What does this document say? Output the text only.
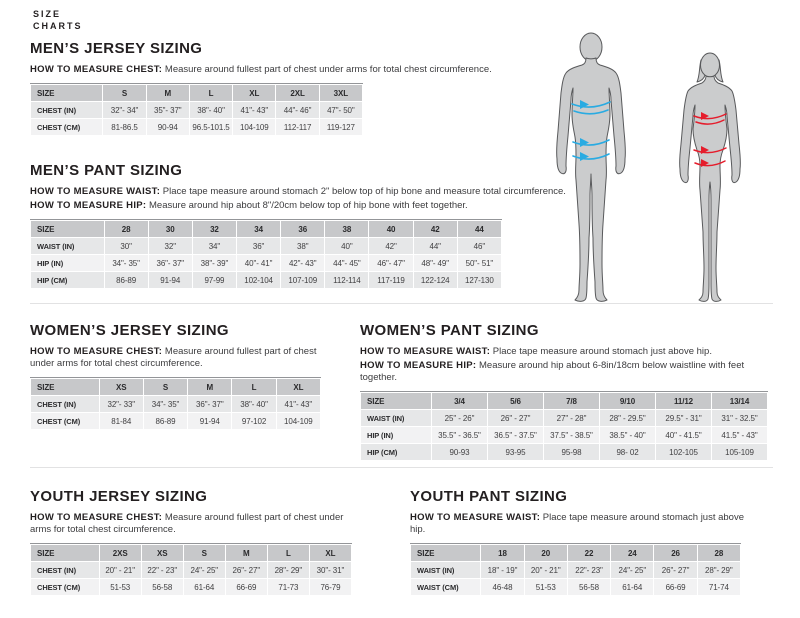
SIZE
CHARTS
MEN’S JERSEY SIZING

HOW TO MEASURE CHEST: Measure around fullest part of chest under arms for total chest circumference.

SIZE	S	M	L	XL	2XL	3XL
CHEST (IN)	32"- 34"	35"- 37"	38"- 40"	41"- 43"	44"- 46"	47"- 50"
CHEST (CM)	81-86.5	90-94	96.5-101.5	104-109	112-117	119-127
MEN’S PANT SIZING

HOW TO MEASURE WAIST: Place tape measure around stomach 2" below top of hip bone and measure total circumference.

HOW TO MEASURE HIP: Measure around hip about 8"/20cm below top of hip bone with feet together.

SIZE	28	30	32	34	36	38	40	42	44
WAIST (IN)	30"	32"	34"	36"	38"	40"	42"	44"	46"
HIP (IN)	34"- 35"	36"- 37"	38"- 39"	40"- 41"	42"- 43"	44"- 45"	46"- 47"	48"- 49"	50"- 51"
HIP (CM)	86-89	91-94	97-99	102-104	107-109	112-114	117-119	122-124	127-130
WOMEN’S JERSEY SIZING

HOW TO MEASURE CHEST: Measure around fullest part of chest under arms for total chest circumference.

SIZE	XS	S	M	L	XL
CHEST (IN)	32"- 33"	34"- 35"	36"- 37"	38"- 40"	41"- 43"
CHEST (CM)	81-84	86-89	91-94	97-102	104-109
WOMEN’S PANT SIZING

HOW TO MEASURE WAIST: Place tape measure around stomach just above hip.

HOW TO MEASURE HIP: Measure around hip about 6-8in/18cm below waistline with feet together.

SIZE	3/4	5/6	7/8	9/10	11/12	13/14
WAIST (IN)	25" - 26"	26" - 27"	27" - 28"	28" - 29.5"	29.5" - 31"	31" - 32.5"
HIP (IN)	35.5" - 36.5"	36.5" - 37.5"	37.5" - 38.5"	38.5" - 40"	40" - 41.5"	41.5" - 43"
HIP (CM)	90-93	93-95	95-98	98- 02	102-105	105-109
YOUTH JERSEY SIZING

HOW TO MEASURE CHEST: Measure around fullest part of chest under arms for total chest circumference.

SIZE	2XS	XS	S	M	L	XL
CHEST (IN)	20" - 21"	22" - 23"	24"- 25"	26"- 27"	28"- 29"	30"- 31"
CHEST (CM)	51-53	56-58	61-64	66-69	71-73	76-79
YOUTH PANT SIZING

HOW TO MEASURE WAIST: Place tape measure around stomach just above hip.

SIZE	18	20	22	24	26	28
WAIST (IN)	18" - 19"	20" - 21"	22"- 23"	24"- 25"	26"- 27"	28"- 29"
WAIST (CM)	46-48	51-53	56-58	61-64	66-69	71-74
